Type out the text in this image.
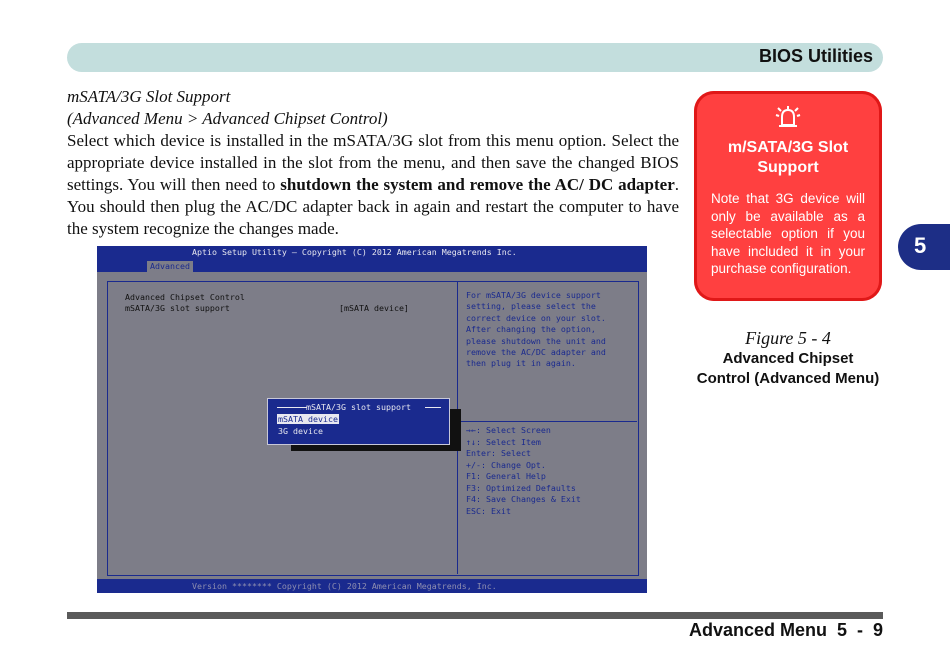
BIOS Utilities
5
mSATA/3G Slot Support
(Advanced Menu > Advanced Chipset Control)

Select which device is installed in the mSATA/3G slot from this menu option. Select the appropriate device installed in the slot from the menu, and then save the changed BIOS settings. You will then need to shutdown the system and remove the AC/ DC adapter. You should then plug the AC/DC adapter back in again and restart the computer to have the system recognize the changes made.

Aptio Setup Utility – Copyright (C) 2012 American Megatrends Inc.
Advanced
Advanced Chipset Control
mSATA/3G slot support	[mSATA device]
For mSATA/3G device support
setting, please select the
correct device on your slot.
After changing the option,
please shutdown the unit and
remove the AC/DC adapter and
then plug it in again.
→←: Select Screen
↑↓: Select Item
Enter: Select
+/-: Change Opt.
F1: General Help
F3: Optimized Defaults
F4: Save Changes & Exit
ESC: Exit
mSATA/3G slot support
mSATA device
3G device
Version ******** Copyright (C) 2012 American Megatrends, Inc.
m/SATA/3G Slot Support
Note that 3G device will only be available as a selectable option if you have included it in your purchase configuration.
Figure 5 - 4
Advanced Chipset Control (Advanced Menu)
Advanced Menu  5  -  9
